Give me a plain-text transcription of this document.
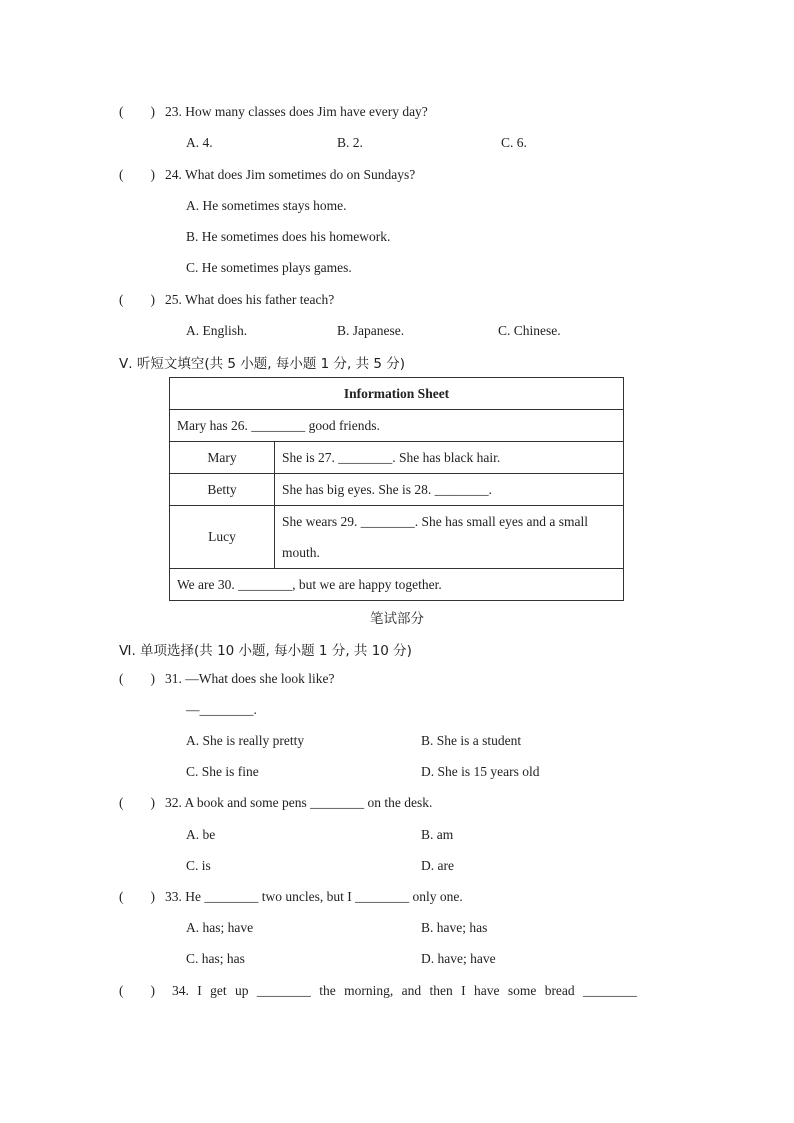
(        ) 23. How many classes does Jim have every day?
A. 4.	B. 2.	C. 6.
(        ) 24. What does Jim sometimes do on Sundays?
A. He sometimes stays home.
B. He sometimes does his homework.
C. He sometimes plays games.
(        ) 25. What does his father teach?
A. English.	B. Japanese.	C. Chinese.
Ⅴ. 听短文填空(共 5 小题, 每小题 1 分, 共 5 分)
Information Sheet	
Mary has 26. ________ good friends.	
Mary	She is 27. ________. She has black hair.
Betty	She has big eyes. She is 28. ________.
Lucy	She wears 29. ________. She has small eyes and a small mouth.
We are 30. ________, but we are happy together.	
笔试部分
Ⅵ. 单项选择(共 10 小题, 每小题 1 分, 共 10 分)
(        ) 31. —What does she look like?
—________.
A. She is really pretty	B. She is a student
C. She is fine	D. She is 15 years old
(        ) 32. A book and some pens ________ on the desk.
A. be	B. am
C. is	D. are
(        ) 33. He ________ two uncles, but I ________ only one.
A. has; have	B. have; has
C. has; has	D. have; have
(        ) 34. I get up ________ the morning, and then I have some bread ________
